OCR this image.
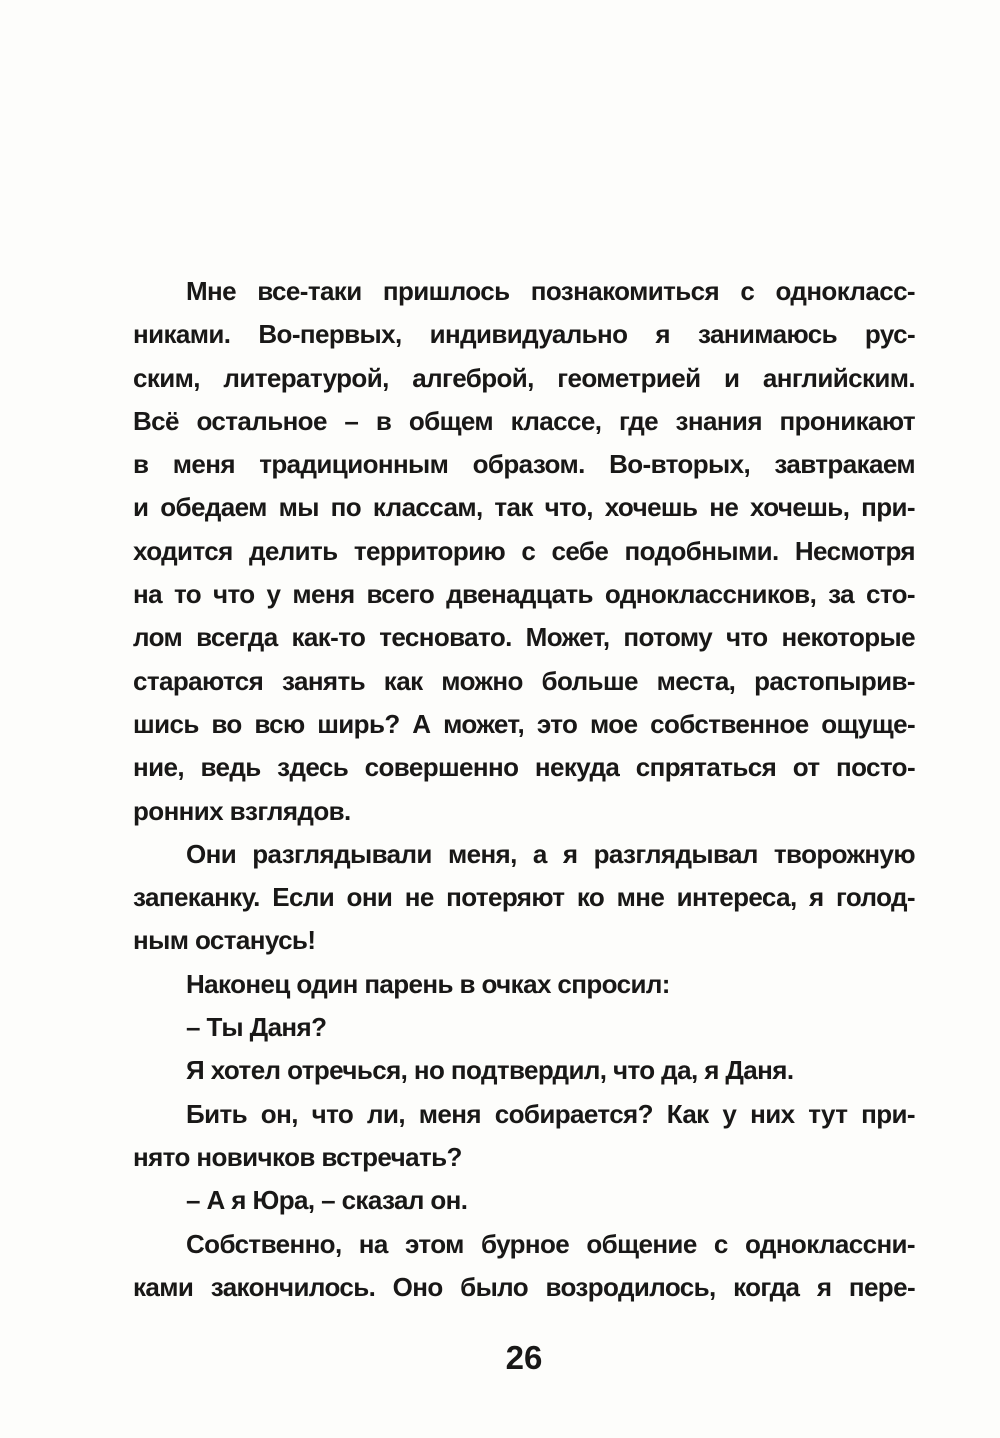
Мне все-таки пришлось познакомиться с однокласс-
никами. Во-первых, индивидуально я занимаюсь рус-
ским, литературой, алгеброй, геометрией и английским.
Всё остальное – в общем классе, где знания проникают
в меня традиционным образом. Во-вторых, завтракаем
и обедаем мы по классам, так что, хочешь не хочешь, при-
ходится делить территорию с себе подобными. Несмотря
на то что у меня всего двенадцать одноклассников, за сто-
лом всегда как-то тесновато. Может, потому что некоторые
стараются занять как можно больше места, растопырив-
шись во всю ширь? А может, это мое собственное ощуще-
ние, ведь здесь совершенно некуда спрятаться от посто-
ронних взглядов.
Они разглядывали меня, а я разглядывал творожную
запеканку. Если они не потеряют ко мне интереса, я голод-
ным останусь!
Наконец один парень в очках спросил:
– Ты Даня?
Я хотел отречься, но подтвердил, что да, я Даня.
Бить он, что ли, меня собирается? Как у них тут при-
нято новичков встречать?
– А я Юра, – сказал он.
Собственно, на этом бурное общение с одноклассни-
ками закончилось. Оно было возродилось, когда я пере-
26
